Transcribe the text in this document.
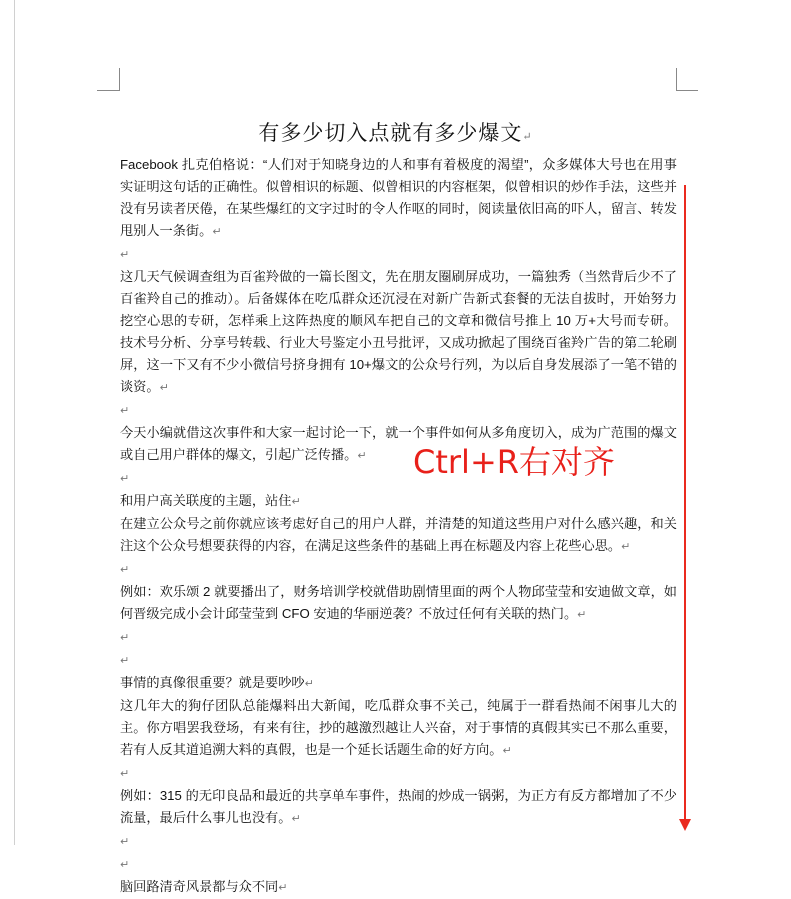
有多少切入点就有多少爆文↵

Facebook 扎克伯格说：“人们对于知晓身边的人和事有着极度的渴望”，众多媒体大号也在用事实证明这句话的正确性。似曾相识的标题、似曾相识的内容框架，似曾相识的炒作手法，这些并没有另读者厌倦，在某些爆红的文字过时的令人作呕的同时，阅读量依旧高的吓人，留言、转发甩别人一条街。↵

↵

这几天气候调查组为百雀羚做的一篇长图文，先在朋友圈刷屏成功，一篇独秀（当然背后少不了百雀羚自己的推动）。后备媒体在吃瓜群众还沉浸在对新广告新式套餐的无法自拔时，开始努力挖空心思的专研，怎样乘上这阵热度的顺风车把自己的文章和微信号推上 10 万+大号而专研。技术号分析、分享号转载、行业大号鉴定小丑号批评，又成功掀起了围绕百雀羚广告的第二轮刷屏，这一下又有不少小微信号挤身拥有 10+爆文的公众号行列，为以后自身发展添了一笔不错的谈资。↵

↵

今天小编就借这次事件和大家一起讨论一下，就一个事件如何从多角度切入，成为广范围的爆文或自己用户群体的爆文，引起广泛传播。↵

↵

和用户高关联度的主题，站住↵

在建立公众号之前你就应该考虑好自己的用户人群，并清楚的知道这些用户对什么感兴趣，和关注这个公众号想要获得的内容，在满足这些条件的基础上再在标题及内容上花些心思。↵

↵

例如：欢乐颂 2 就要播出了，财务培训学校就借助剧情里面的两个人物邱莹莹和安迪做文章，如何晋级完成小会计邱莹莹到 CFO 安迪的华丽逆袭？不放过任何有关联的热门。↵

↵

↵

事情的真像很重要？就是要吵吵↵

这几年大的狗仔团队总能爆料出大新闻，吃瓜群众事不关己，纯属于一群看热闹不闲事儿大的主。你方唱罢我登场，有来有往，抄的越激烈越让人兴奋，对于事情的真假其实已不那么重要，若有人反其道追溯大料的真假，也是一个延长话题生命的好方向。↵

↵

例如：315 的无印良品和最近的共享单车事件，热闹的炒成一锅粥，为正方有反方都增加了不少流量，最后什么事儿也没有。↵

↵

↵

脑回路清奇风景都与众不同↵

Ctrl+R右对齐
